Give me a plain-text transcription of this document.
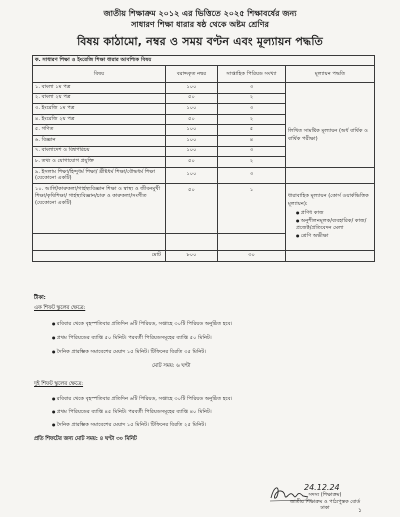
জাতীয় শিক্ষাক্রম ২০১২ এর ভিত্তিতে ২০২৫ শিক্ষাবর্ষের জন্য
সাধারণ শিক্ষা ধারার ষষ্ঠ থেকে অষ্টম শ্রেণির
বিষয় কাঠামো, নম্বর ও সময় বণ্টন এবং মূল্যায়ন পদ্ধতি
ক. সাধারণ শিক্ষা ও ইংরেজি শিক্ষা ধারার আবশ্যিক বিষয়			
বিষয়	বরাদ্দকৃত নম্বর	সাপ্তাহিক পিরিয়ড সংখ্যা	মূল্যায়ন পদ্ধতি
১. বাংলা ১ম পত্র	১০০	৩	লিখিত সামষ্টিক মূল্যায়ন (অর্ধ বার্ষিক ও বার্ষিক পরীক্ষা)

২. বাংলা ২য় পত্র	৫০	২	
৩. ইংরেজি ১ম পত্র	১০০	৩	
৪. ইংরেজি ২য় পত্র	৫০	২	
৫. গণিত	১০০	৫	
৬. বিজ্ঞান	১০০	৪	
৭. বাংলাদেশ ও বিশ্বপরিচয়	১০০	৩	
৮. তথ্য ও যোগাযোগ প্রযুক্তি	৫০	২	
৯. ইসলাম শিক্ষা/হিন্দুধর্ম শিক্ষা/ খ্রীষ্টধর্ম শিক্ষা/বৌদ্ধধর্ম শিক্ষা (যেকোনো একটি)	১০০	৩	
১০. আর্লি/কারুকলা/গার্হস্থ্যবিজ্ঞান শিক্ষা ও স্বাস্থ্য ও জীবনমুখী শিক্ষা/কৃষিশিক্ষা/ গার্হস্থ্যবিজ্ঞান/চারু ও কারুকলা/সংগীত (যেকোনো একটি)	৫০	১	ধারাবাহিক মূল্যায়ন (কোর্স ওয়ার্কভিত্তিক মূল্যায়ন):
● প্রণিধ কাজ
● অনুশীলনমূলক/ব্যবহারিক/ কাজ/প্রজেক্ট/প্রতিবেদন মেলা
● শ্রেণি অভীক্ষা

মোট	৮০০	৩০	
টীকা:
এক শিফট স্কুলের ক্ষেত্রে:
● রবিবার থেকে বৃহস্পতিবার প্রতিদিন ৬টি পিরিয়ড, সপ্তাহে ৩০টি পিরিয়ড অনুষ্ঠিত হবে।
● প্রথম পিরিয়ডের ব্যাপ্তি ৫০ মিনিট। পরবর্তী পিরিয়ডসমূহের ব্যাপ্তি ৫০ মিনিট।
● দৈনিক প্রারম্ভিক সমাবেশের মেয়াদ ১৫ মিনিট। টিফিনের বিরতি ৩৫ মিনিট।
মোট সময়: ৬ ঘণ্টা
দুই শিফট স্কুলের ক্ষেত্রে:
● রবিবার থেকে বৃহস্পতিবার প্রতিদিন ৬টি পিরিয়ড, সপ্তাহে ৩০টি পিরিয়ড অনুষ্ঠিত হবে।
● প্রথম পিরিয়ডের ব্যাপ্তি ৪৫ মিনিট। পরবর্তী পিরিয়ডসমূহের ব্যাপ্তি ৪০ মিনিট।
● দৈনিক প্রারম্ভিক সমাবেশের মেয়াদ ১৫ মিনিট। টিফিনের বিরতি ২৫ মিনিট।
প্রতি শিফটের জন্য মোট সময়: ৪ ঘণ্টা ৩০ মিনিট
24.12.24
সদস্য (শিক্ষাক্রম)
জাতীয় শিক্ষাক্রম ও পাঠ্যপুস্তক বোর্ড
ঢাকা	১
